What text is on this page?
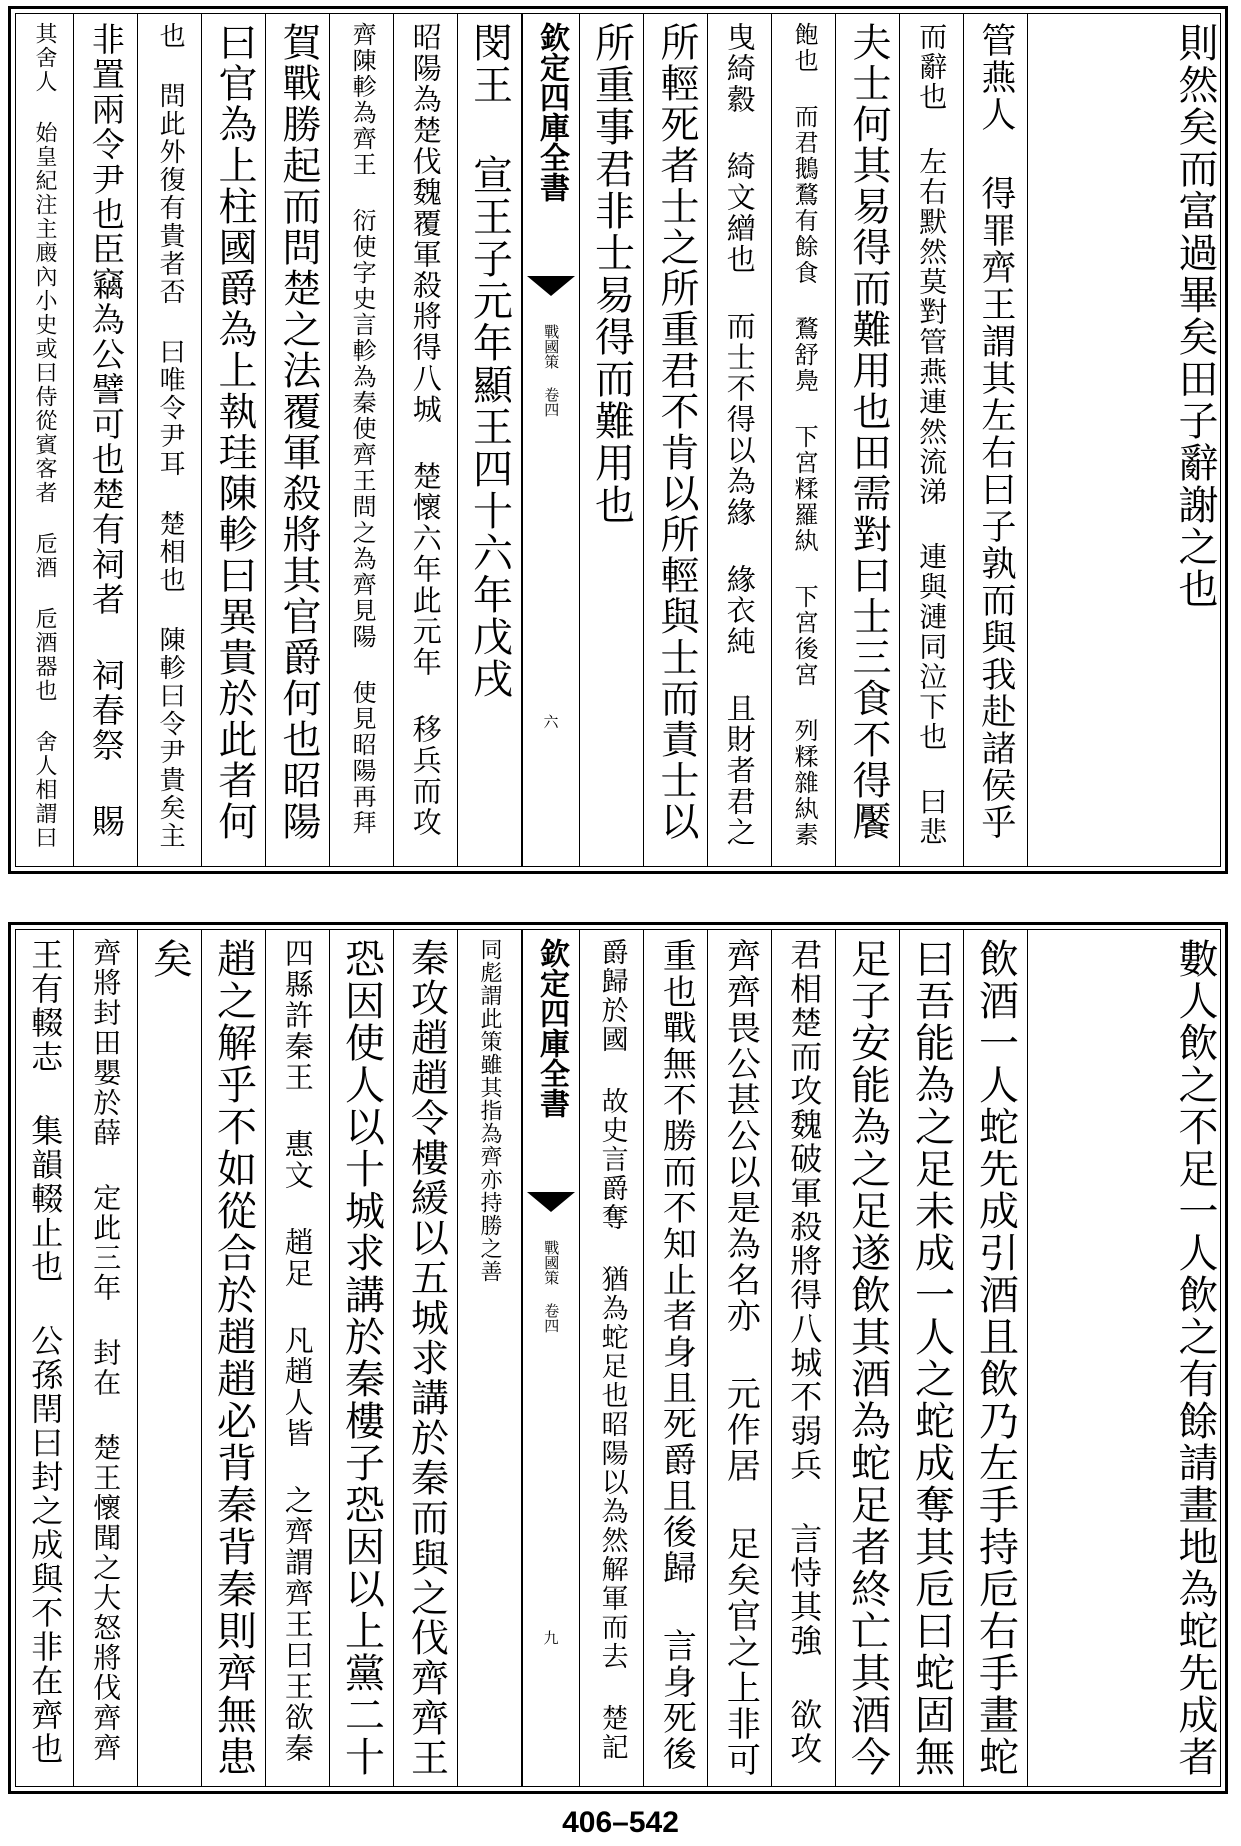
其舍人 始皇紀注主廄內小史或曰侍從賓客者 卮酒 卮酒器也 舍人相謂曰 非置兩令尹也臣竊為公譬可也楚有祠者 祠春祭 賜 也 問此外復有貴者否 曰唯令尹耳 楚相也 陳軫曰令尹貴矣主 曰官為上柱國爵為上執珪陳軫曰異貴於此者何 賀戰勝起而問楚之法覆軍殺將其官爵何也昭陽 齊陳軫為齊王 衍使字史言軫為秦使齊王問之為齊見陽 使見昭陽再拜 昭陽為楚伐魏覆軍殺將得八城 楚懷六年此元年 移兵而攻 閔王 宣王子元年顯王四十六年戊戌 欽定四庫全書
戰國策 卷四
六
所重事君非士易得而難用也 所輕死者士之所重君不肯以所輕與士而責士以 曳綺縠 綺文繒也 而士不得以為緣 緣衣純 且財者君之 飽也 而君鵝鶩有餘食 鶩舒鳧 下宮糅羅紈 下宮後宮 列糅雜紈素 夫士何其易得而難用也田需對曰士三食不得饜 而辭也 左右默然莫對管燕連然流涕 連與漣同泣下也 曰悲 管燕人 得罪齊王謂其左右曰子孰而與我赴諸侯乎	則然矣而富過畢矣田子辭謝之也
王有輟志 集韻輟止也 公孫閈曰封之成與不非在齊也 齊將封田嬰於薛 定此三年 封在 楚王懷聞之大怒將伐齊齊 矣 趙之解乎不如從合於趙趙必背秦背秦則齊無患 四縣許秦王 惠文 趙足 凡趙人皆 之齊謂齊王曰王欲秦 恐因使人以十城求講於秦樓子恐因以上黨二十 秦攻趙趙令樓緩以五城求講於秦而與之伐齊齊王 同彪謂此策雖其指為齊亦持勝之善 欽定四庫全書
戰國策 卷四
九 爵歸於國 故史言爵奪 猶為蛇足也昭陽以為然解軍而去 楚記 重也戰無不勝而不知止者身且死爵且後歸 言身死後 齊齊畏公甚公以是為名亦 元作居 足矣官之上非可 君相楚而攻魏破軍殺將得八城不弱兵 言恃其強 欲攻 足子安能為之足遂飲其酒為蛇足者終亡其酒今 曰吾能為之足未成一人之蛇成奪其卮曰蛇固無 飲酒一人蛇先成引酒且飲乃左手持卮右手畫蛇	數人飲之不足一人飲之有餘請畫地為蛇先成者
406–542
